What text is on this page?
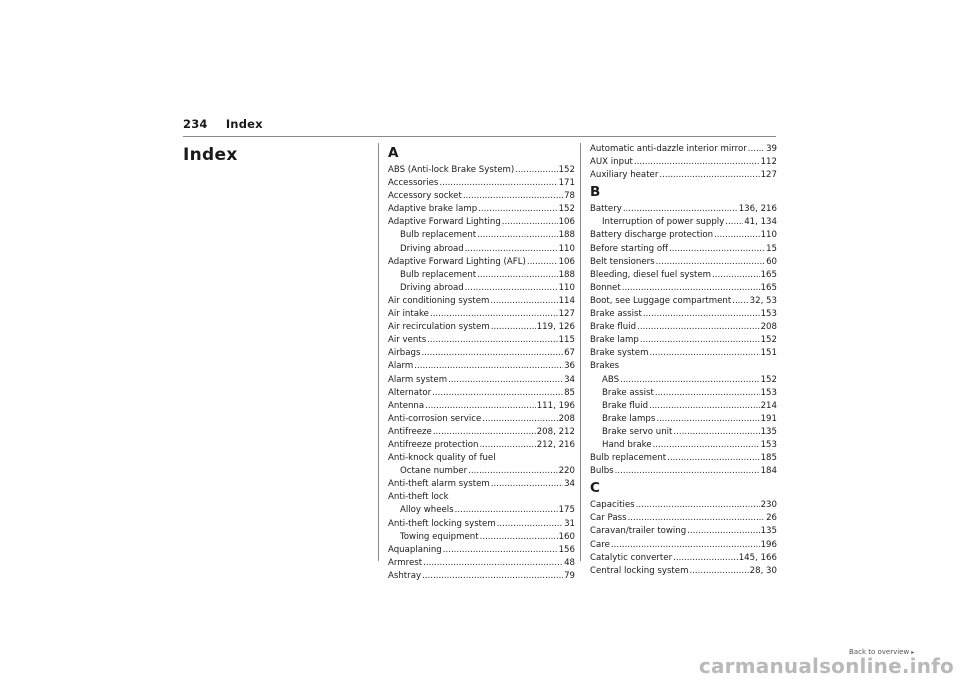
234 Index
Index	A
ABS (Anti-lock Brake System) .....	152
Accessories .....	171
Accessory socket .....	78
Adaptive brake lamp .....	152
Adaptive Forward Lighting .....	106
Bulb replacement .....	188
Driving abroad .....	110
Adaptive Forward Lighting (AFL) .....	106
Bulb replacement .....	188
Driving abroad .....	110
Air conditioning system .....	114
Air intake .....	127
Air recirculation system .....	119, 126
Air vents .....	115
Airbags .....	67
Alarm .....	36
Alarm system .....	34
Alternator .....	85
Antenna .....	111, 196
Anti-corrosion service .....	208
Antifreeze .....	208, 212
Antifreeze protection .....	212, 216
Anti-knock quality of fuel
Octane number .....	220
Anti-theft alarm system .....	34
Anti-theft lock
Alloy wheels .....	175
Anti-theft locking system .....	31
Towing equipment .....	160
Aquaplaning .....	156
Armrest .....	48
Ashtray .....	79
Automatic anti-dazzle interior mirror ..... 39
AUX input .....	112
Auxiliary heater .....	127
B
Battery .....	136, 216
Interruption of power supply ..... 41, 134
Battery discharge protection .....	110
Before starting off .....	15
Belt tensioners .....	60
Bleeding, diesel fuel system .....	165
Bonnet .....	165
Boot, see Luggage compartment ..... 32, 53
Brake assist .....	153
Brake fluid .....	208
Brake lamp .....	152
Brake system .....	151
Brakes
ABS .....	152
Brake assist .....	153
Brake fluid .....	214
Brake lamps .....	191
Brake servo unit .....	135
Hand brake .....	153
Bulb replacement .....	185
Bulbs .....	184
C
Capacities .....	230
Car Pass .....	26
Caravan/trailer towing .....	135
Care .....	196
Catalytic converter .....	145, 166
Central locking system .....	28, 30
Back to overview ▸
carmanualsonline.info
